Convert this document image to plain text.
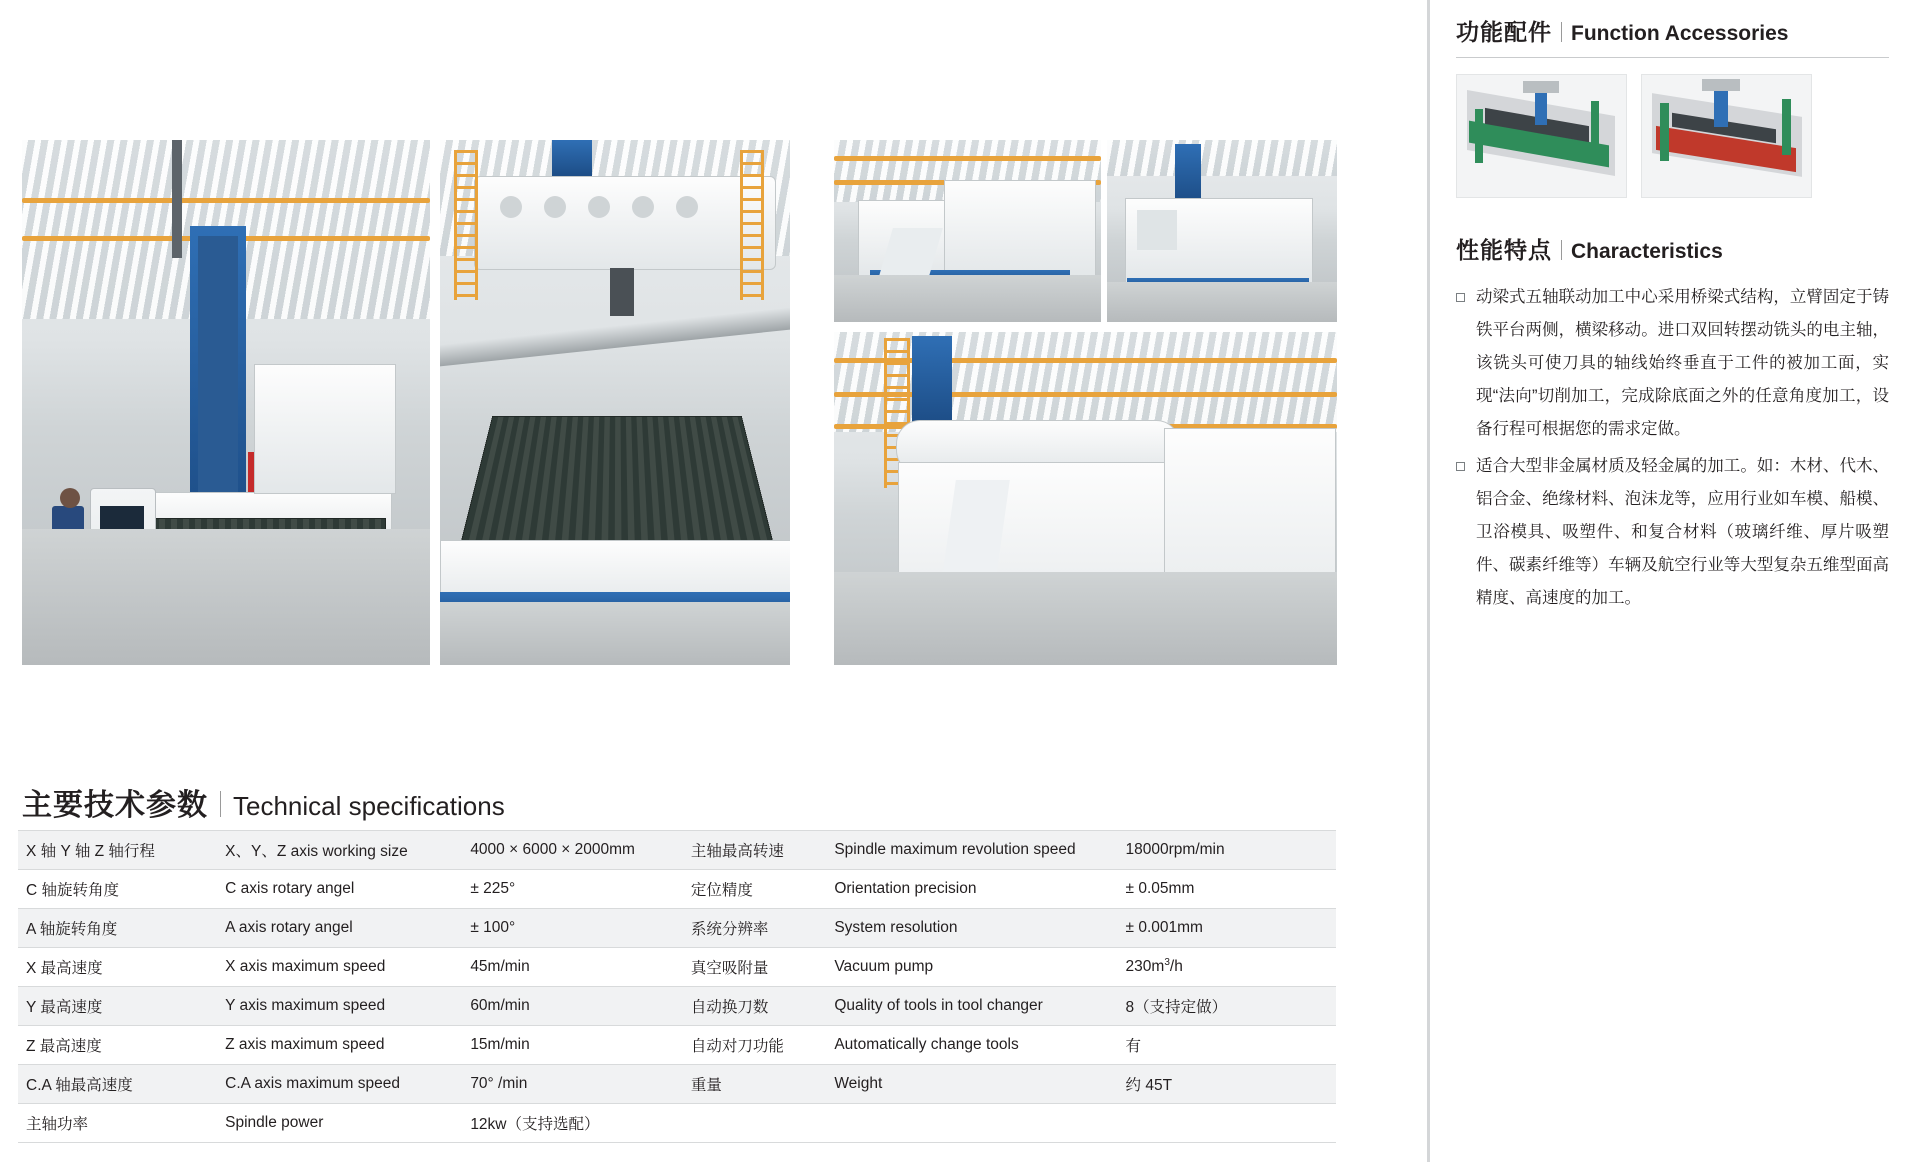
主要技术参数 Technical specifications
X 轴 Y 轴 Z 轴行程	X、Y、Z axis working size	4000 × 6000 × 2000mm	主轴最高转速	Spindle maximum revolution speed	18000rpm/min
C 轴旋转角度	C axis rotary angel	± 225°	定位精度	Orientation precision	± 0.05mm
A 轴旋转角度	A axis rotary angel	± 100°	系统分辨率	System resolution	± 0.001mm
X 最高速度	X axis maximum speed	45m/min	真空吸附量	Vacuum pump	$230m^3/h$
Y 最高速度	Y axis maximum speed	60m/min	自动换刀数	Quality of tools in tool changer	8（支持定做）
Z 最高速度	Z axis maximum speed	15m/min	自动对刀功能	Automatically change tools	有
C.A 轴最高速度	C.A axis maximum speed	70° /min	重量	Weight	约 45T
主轴功率	Spindle power	12kw（支持选配）			
功能配件 Function Accessories
性能特点 Characteristics
动梁式五轴联动加工中心采用桥梁式结构，立臂固定于铸铁平台两侧，横梁移动。进口双回转摆动铣头的电主轴，该铣头可使刀具的轴线始终垂直于工件的被加工面，实现“法向”切削加工，完成除底面之外的任意角度加工，设备行程可根据您的需求定做。
适合大型非金属材质及轻金属的加工。如：木材、代木、铝合金、绝缘材料、泡沫龙等，应用行业如车模、船模、卫浴模具、吸塑件、和复合材料（玻璃纤维、厚片吸塑件、碳素纤维等）车辆及航空行业等大型复杂五维型面高精度、高速度的加工。
